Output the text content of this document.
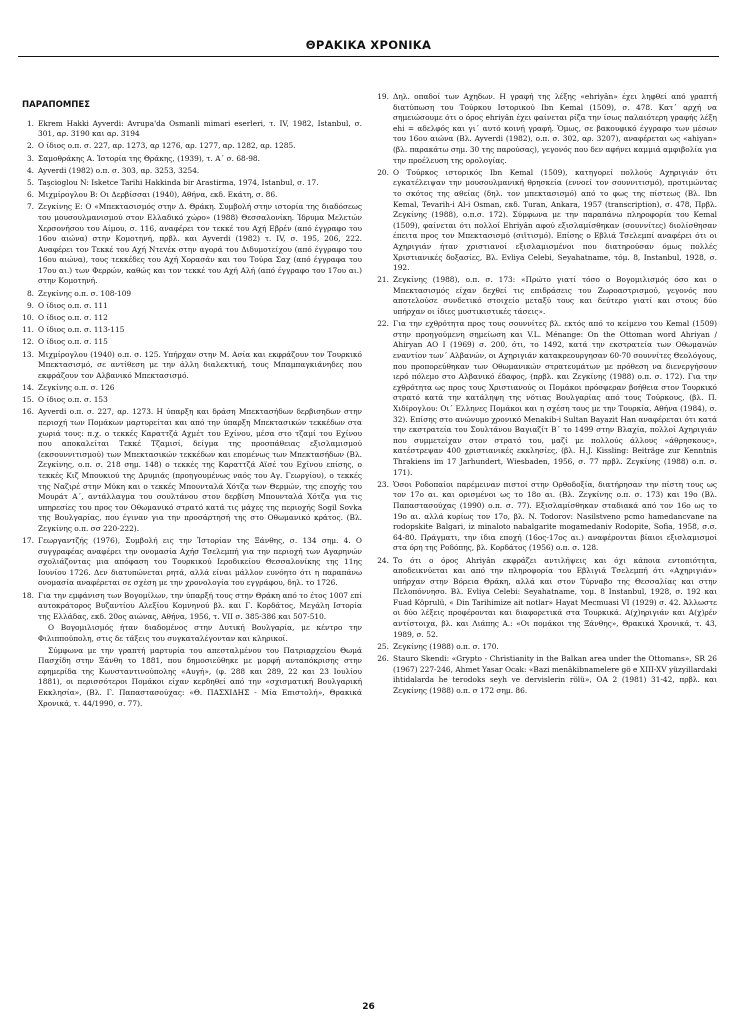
ΘΡΑΚΙΚΑ ΧΡΟΝΙΚΑ
ΠΑΡΑΠΟΜΠΕΣ
1. Ekrem Hakki Ayverdi: Avrupa'da Osmanli mimari eserleri, τ. IV, 1982, Istanbul, σ. 301, αρ. 3190 και αρ. 3194
2. Ο ίδιος ο.π. σ. 227, αρ. 1273, αρ 1276, αρ. 1277, αρ. 1282, αρ. 1285.
3. Σαμοθράκης Α. Ἰστορία της Θράκης, (1939), τ. Α΄ σ. 68-98.
4. Ayverdi (1982) ο.π. σ. 303, αρ. 3253, 3254.
5. Taşcioglou N: Isketce Tarihi Hakkinda bir Arastirma, 1974, Istanbul, σ. 17.
6. Μιχμίρογλου Β: Οι Δερβίσσαι (1940), Αθήνα, εκδ. Εκάτη, σ. 86.
7. Ζεγκίνης Ε: Ο «Μπεκτασισμός στην Δ. Θράκη. Συμβολή στην ιστορία της διαδόσεως του μουσουλμανισμού στον Ελλαδικό χώρο» (1988) Θεσσαλονίκη. Ἰδρυμα Μελετών Χερσονήσου του Αίμου, σ. 116, αναφέρει τον τεκκέ του Αχή Εβρέν (από έγγραφο του 16ου αιώνα) στην Κομοτηνή, πρβλ. και Ayverdi (1982) τ. IV, σ. 195, 206, 222. Αναφέρει τον Τεκκέ του Αχή Ντεvέκ στην αγορά του Διδυμοτείχου (από έγγραφο του 16ου αιώνα), τους τεκκέδες του Αχή Χορασάν και του Τούρα Σαχ (από έγγραφα του 17ου αι.) των Φερρών, καθώς και τον τεκκέ του Αχή Αλή (από έγγραφο του 17ου αι.) στην Κομοτηνή.
8. Ζεγκίνης ο.π. σ. 108-109
9. Ο ίδιος ο.π. σ. 111
10. Ο ίδιος ο.π. σ. 112
11. Ο ίδιος ο.π. σ. 113-115
12. Ο ίδιος ο.π. σ. 115
13. Μιχμίρογλου (1940) ο.π. σ. 125. Υπήρχαν στην Μ. Ασία και εκφράζουν τον Τουρκικό Μπεκτασισμό, σε αντίθεση με την άλλη διαλεκτική, τους Μπαμπαγκιάνηδες που εκφράζουν τον Αλβανικό Μπεκτασισμό.
14. Ζεγκίνης ο.π. σ. 126
15. Ο ίδιος ο.π. σ. 153
16. Ayverdi ο.π. σ. 227, αρ. 1273. Η ύπαρξη και δράση Μπεκτασήδων δερβισηδων στην περιοχή των Πομάκων μαρτυρείται και από την ύπαρξη Μπεκτασικών τεκκέδων στα χωριά τους: π.χ. ο τεκκές Καραττζά Αχμέτ του Εχίνου, μέσα στο τζαμί του Εχίνου που αποκαλείται Τεκκέ Τζαμισί, δείγμα της προσπάθειας εξισλαμισμού (εκσουννιτισμού) των Μπεκτασικών τεκκέδων και επομένως των Μπεκτασήδων (Βλ. Ζεγκίνης, ο.π. σ. 218 σημ. 148) ο τεκκές της Καραττζά Αϊσέ του Εχίνου επίσης, ο τεκκές Κιζ Μπουκιού της Δρυμιάς (προηγουμένως ναός του Αγ. Γεωργίου), ο τεκκές της Ναζιρέ στην Μύκη και ο τεκκές Μπουνταλά Χότζα των Θερμών, της εποχής του Μουράτ Α΄, αντάλλαγμα του σουλτάνου στον δερβίση Μπουνταλά Χότζα για τις υπηρεσίες του προς τον Οθωμανικό στρατό κατά τις μάχες της περιοχής Sogil Sovka της Βουλγαρίας, που έγιναν για την προσάρτησή της στο Οθωμανικό κράτος. (Βλ. Ζεγκίνης ο.π. σσ 220-222).
17. Γεωργαντζής (1976), Συμβολή εις την Ἰστορίαν της Ξάνθης, σ. 134 σημ. 4. Ο συγγραφέας αναφέρει την ονομασία Αχήσ Τσελεμπή για την περιοχή των Αγαρηνών σχολιάζοντας μια απόφαση του Τουρκικού Ιεροδικείου Θεσσαλονίκης της 11ης Ιουνίου 1726. Δεν διατυπώνεται ρητά, αλλά είναι μάλλον ευνόητο ότι η παραπάνω ονομασία αναφέρεται σε σχέση με την χρονολογία του εγγράφου, δηλ. το 1726.
18. Για την εμφάνιση των Βογομίλων, την ύπαρξή τους στην Θράκη από το έτος 1007 επί αυτοκράτορος Βυζαντίου Αλεξίου Κομνηνού βλ. και Γ. Κορδάτος, Μεγάλη Ιστορία της Ελλάδας, εκδ. 20ος αιώνας, Αθήνα, 1956, τ. VII σ. 385-386 και 507-510.
Ο Βογομιλισμός ήταν διαδομένος στην Δυτική Βουλγαρία, με κέντρο την Φιλιππούπολη, στις δε τάξεις του συγκαταλέγονταν και κληρικοί.
Σύμφωνα με την γραπτή μαρτυρία του απεσταλμένου του Πατριαρχείου Θωμά Πασχίδη στην Ξάνθη το 1881, που δημοσιεύθηκε με μορφή ανταπόκρισης στην εφημερίδα της Κωνσταντινούπολης «Αυγή», (φ. 288 και 289, 22 και 23 Ιουλίου 1881), οι περισσότεροι Πομάκοι είχαν κερδηθεί από την «σχισματική Βουλγαρική Εκκλησία», (Βλ. Γ. Παπαστασούχας: «Θ. ΠΑΣΧΙΔΗΣ - Μία Επιστολή», Θρακικά Χρονικά, τ. 44/1990, σ. 77).
19. Δηλ. οπαδοί των Αχηδων. Η γραφή της λέξης «ehriyân» έχει ληφθεί από γραπτή διατύπωση του Τούρκου Ιστορικού Ibn Kemal (1509), σ. 478. Κατ΄ αρχή να σημειώσουμε ότι ο όρος ehriyân έχει φαίνεται ρίζα την ίσως παλαιότερη γραφής λέξη ehi = αδελφός και γι΄ αυτό κοινή γραφή. Ὁμως, σε βακουφικό έγγραφο των μέσων του 16ου αιώνα (Βλ. Ayverdi (1982), ο.π. σ. 302, αρ. 3207), αναφέρεται ως «ahiyan» (βλ. παρακάτω σημ. 30 της παρούσας), γεγονός που δεν αφήνει καμμιά αμφιβολία για την προέλευση της ορολογίας.
20. Ο Τούρκος ιστορικός Ibn Kemal (1509), κατηγορεί πολλούς Αχηριγιάν ότι εγκατέλειψαν την μουσουλμανική θρησκεία (εννοεί τον σουννιτισμό), προτιμώντας το σκότος της αθείας (δηλ. τον μπεκτασισμό) από το φως της πίστεως (Βλ. Ibn Kemal, Tevarih-i Al-i Osman, εκδ. Turan, Ankara, 1957 (transcription), σ. 478, Πρβλ. Ζεγκίνης (1988), ο.π.σ. 172). Σύμφωνα με την παραπάνω πληροφορία του Kemal (1509), φαίνεται ότι πολλοί Ehriyân αφού εξισλαμίσθηκαν (σουννίτες) διολίσθησαν έπειτα προς τον Μπεκτασισμό (σιϊτισμό). Επίσης ο Εβλιά Τσελεμπί αναφέρει ότι οι Αχηριγιάν ήταν χριστιανοί εξισλαμισμένοι που διατηρούσαν όμως πολλές Χριστιανικές δοξασίες, Βλ. Evliya Celebi, Seyahatname, τόμ. 8, Instanbul, 1928, σ. 192.
21. Ζεγκίνης (1988), ο.π. σ. 173: «Πρώτο γιατί τόσο ο Βογομιλισμός όσο και ο Μπεκτασισμός είχαν δεχθεί τις επιδράσεις του Ζωροαστρισμού, γεγονός που αποτελούσε συνδετικό στοιχείο μεταξύ τους και δεύτερο γιατί και στους δύο υπήρχαν οι ίδιες μυστικιστικές τάσεις».
22. Για την εχθρότητα προς τους σουννίτες βλ. εκτός από το κείμενο του Kemal (1509) στην προηγούμενη σημείωση και V.L. Ménange: On the Ottoman word Ahriyan / Ahiryan AO I (1969) σ. 200, ότι, το 1492, κατά την εκστρατεία των Οθωμανών εναντίον των΄ Αλβανών, οι Αχηριγιάν κατακρεουργησαν 60-70 σουννίτες Θεολόγους, που προπορεύθηκαν των Οθωμανικών στρατευμάτων με πρόθεση να διενεργήσουν ιερό πόλεμο στο Αλβανικό έδαφος, (πρβλ. και Ζεγκίνης (1988) ο.π. σ. 172). Για την εχθρότητα ως προς τους Χριστιανούς οι Πομάκοι πρόσφεραν βοήθεια στον Τουρκικό στρατό κατά την κατάληψη της νότιας Βουλγαρίας από τους Τούρκους, (βλ. Π. Χιδίρογλου: Οι΄ Ελληνες Πομάκοι και η σχέση τους με την Τουρκία, Αθήνα (1984), σ. 32). Επίσης στο ανώνυμο χρονικό Menakib-i Sultan Bayazit Han αναφέρεται ότι κατά την εκστρατεία του Σουλτάνου Βαγιαζίτ Β΄ το 1499 στην Βλαχία, πολλοί Αχηριγιάν που συμμετείχαν στον στρατό του, μαζί με πολλούς άλλους «άθρησκους», κατέστρεψαν 400 χριστιανικές εκκλησίες, (βλ. H.J. Kissling: Beiträge zur Kenntnis Thrakiens im 17 Jarhundert, Wiesbaden, 1956, σ. 77 πρβλ. Ζεγκίνης (1988) ο.π. σ. 171).
23. Ὁσοι Ροδοπαίοι παρέμειναν πιστοί στην Ορθοδοξία, διατήρησαν την πίστη τους ως τον 17ο αι. και ορισμένοι ως το 18ο αι. (Βλ. Ζεγκίνης ο.π. σ. 173) και 19ο (Βλ. Παπαστασούχας (1990) ο.π. σ. 77). Εξισλαμίσθηκαν σταδιακά από τον 16ο ως το 19ο αι. αλλά κυρίως τον 17ο, βλ. N. Todorov: Nasilstveno pcmo hamedancvane na rodopskite Balgari, iz minaloto nabalgarite mogamedaniv Rodopite, Sofia, 1958, σ.σ. 64-80. Πράγματι, την ίδια εποχή (16ος-17ος αι.) αναφέρονται βίαιοι εξισλαμισμοί στα όρη της Ροδόπης, βλ. Κορδάτος (1956) ο.π. σ. 128.
24. Το ότι ο όρος Ahriyân εκφράζει αντιλήψεις και όχι κάποια εντοπιότητα, αποδεικνύεται και από την πληροφορία του Εβλιγιά Τσελεμπή ότι «Αχηριγιάν» υπήρχαν στην Βόρεια Θράκη, αλλά και στον Τύρναβο της Θεσσαλίας και στην Πελοπόννησο. Βλ. Evliya Celebi: Seyahatname, τομ. 8 Instanbul, 1928, σ. 192 και Fuad Köprulü, « Din Tarihimize ait notlar» Hayat Mecmuasi VI (1929) σ. 42. Ἀλλωστε οι δύο λέξεις προφέρονται και διαφορετικά στα Τουρκικά. A(χ)ηριγιάν και A(χ)ρέν αντίστοιχα, βλ. και Λιάπης Α.: «Οι πομάκοι της Ξάνθης», Θρακικά Χρονικά, τ. 43, 1989, σ. 52.
25. Ζεγκίνης (1988) ο.π. σ. 170.
26. Stauro Skendi: «Grypto - Christianity in the Balkan area under the Ottomans», SR 26 (1967) 227-246, Ahmet Yasar Ocak: «Bazi menâkibnamelere gö e XIII-XV yüzyillardaki ihtidalarda he terodoks seyh ve dervislerin rölü», OA 2 (1981) 31-42, πρβλ. και Ζεγκίνης (1988) ο.π. σ 172 σημ. 86.
26
